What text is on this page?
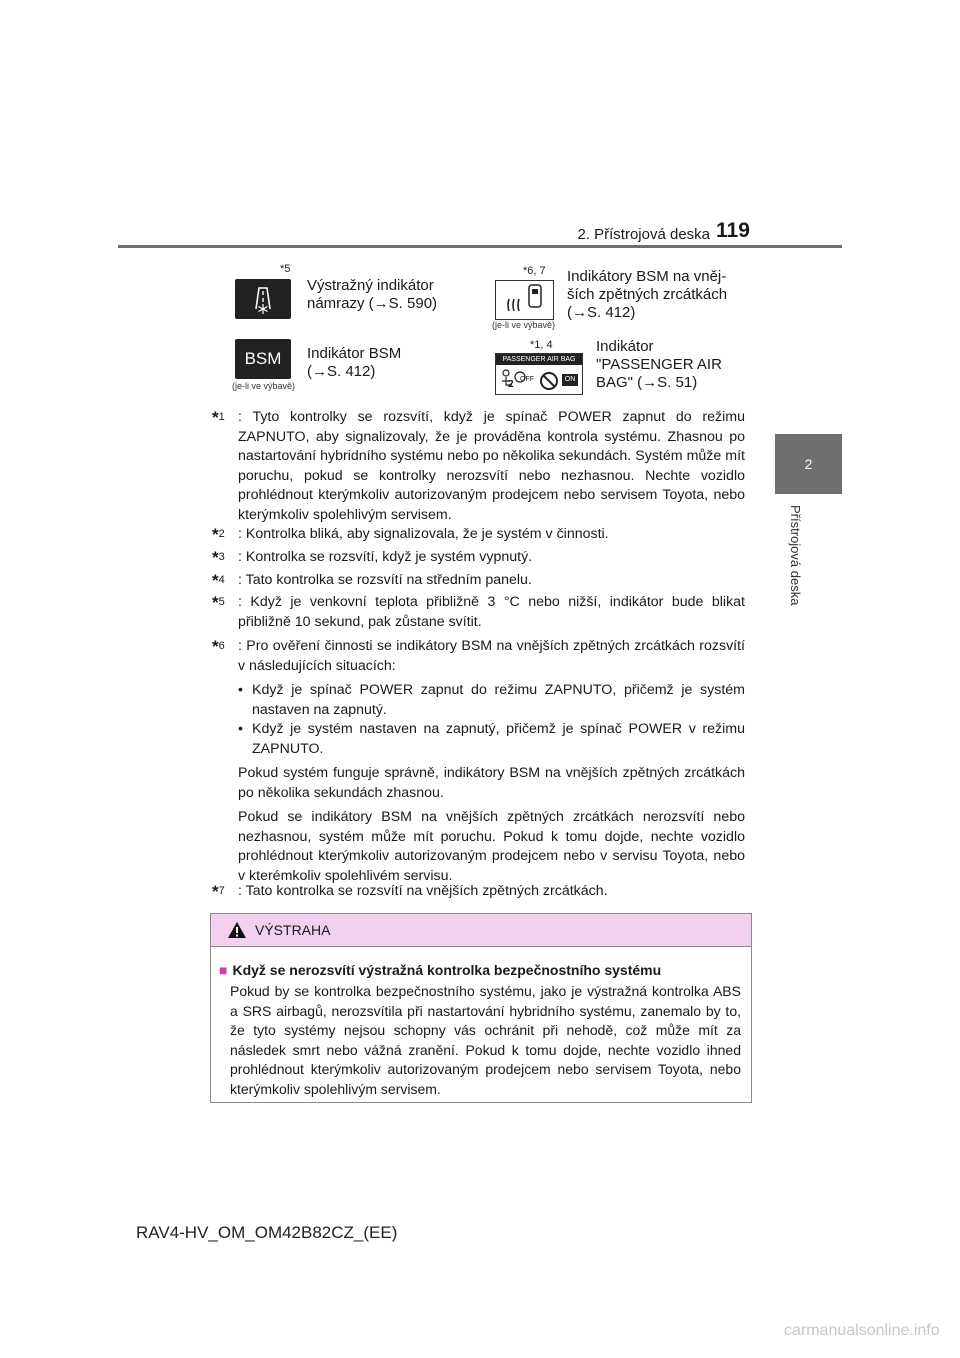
2. Přístrojová deska 119
2
Přístrojová deska
*5
Výstražný indikátor
námrazy (→S. 590)
*6, 7
(je-li ve výbavě)
Indikátory BSM na vněj-
ších zpětných zrcátkách
(→S. 412)
BSM
(je-li ve výbavě)
Indikátor BSM
(→S. 412)
*1, 4
PASSENGER AIR BAG
2 OFF	ON
Indikátor
"PASSENGER AIR
BAG" (→S. 51)
*$^1$ : Tyto kontrolky se rozsvítí, když je spínač POWER zapnut do režimu ZAPNUTO, aby signalizovaly, že je prováděna kontrola systému. Zhasnou po nastartování hybridního systému nebo po několika sekundách. Systém může mít poruchu, pokud se kontrolky nerozsvítí nebo nezhasnou. Nechte vozidlo prohlédnout kterýmkoliv autorizovaným prodejcem nebo servisem Toyota, nebo kterýmkoliv spolehlivým servisem.
*$^2$ : Kontrolka bliká, aby signalizovala, že je systém v činnosti.
*$^3$ : Kontrolka se rozsvítí, když je systém vypnutý.
*$^4$ : Tato kontrolka se rozsvítí na středním panelu.
*$^5$ : Když je venkovní teplota přibližně 3 °C nebo nižší, indikátor bude blikat přibližně 10 sekund, pak zůstane svítit.
*$^6$ : Pro ověření činnosti se indikátory BSM na vnějších zpětných zrcátkách rozsvítí v následujících situacích:
• Když je spínač POWER zapnut do režimu ZAPNUTO, přičemž je systém nastaven na zapnutý.
• Když je systém nastaven na zapnutý, přičemž je spínač POWER v režimu ZAPNUTO.
Pokud systém funguje správně, indikátory BSM na vnějších zpětných zrcátkách po několika sekundách zhasnou.
Pokud se indikátory BSM na vnějších zpětných zrcátkách nerozsvítí nebo nezhasnou, systém může mít poruchu. Pokud k tomu dojde, nechte vozidlo prohlédnout kterýmkoliv autorizovaným prodejcem nebo v servisu Toyota, nebo v kterémkoliv spolehlivém servisu.
*$^7$ : Tato kontrolka se rozsvítí na vnějších zpětných zrcátkách.
VÝSTRAHA
■ Když se nerozsvítí výstražná kontrolka bezpečnostního systému
Pokud by se kontrolka bezpečnostního systému, jako je výstražná kontrolka ABS a SRS airbagů, nerozsvítila při nastartování hybridního systému, zanemalo by to, že tyto systémy nejsou schopny vás ochránit při nehodě, což může mít za následek smrt nebo vážná zranění. Pokud k tomu dojde, nechte vozidlo ihned prohlédnout kterýmkoliv autorizovaným prodejcem nebo servisem Toyota, nebo kterýmkoliv spolehlivým servisem.
RAV4-HV_OM_OM42B82CZ_(EE)
carmanualsonline.info
